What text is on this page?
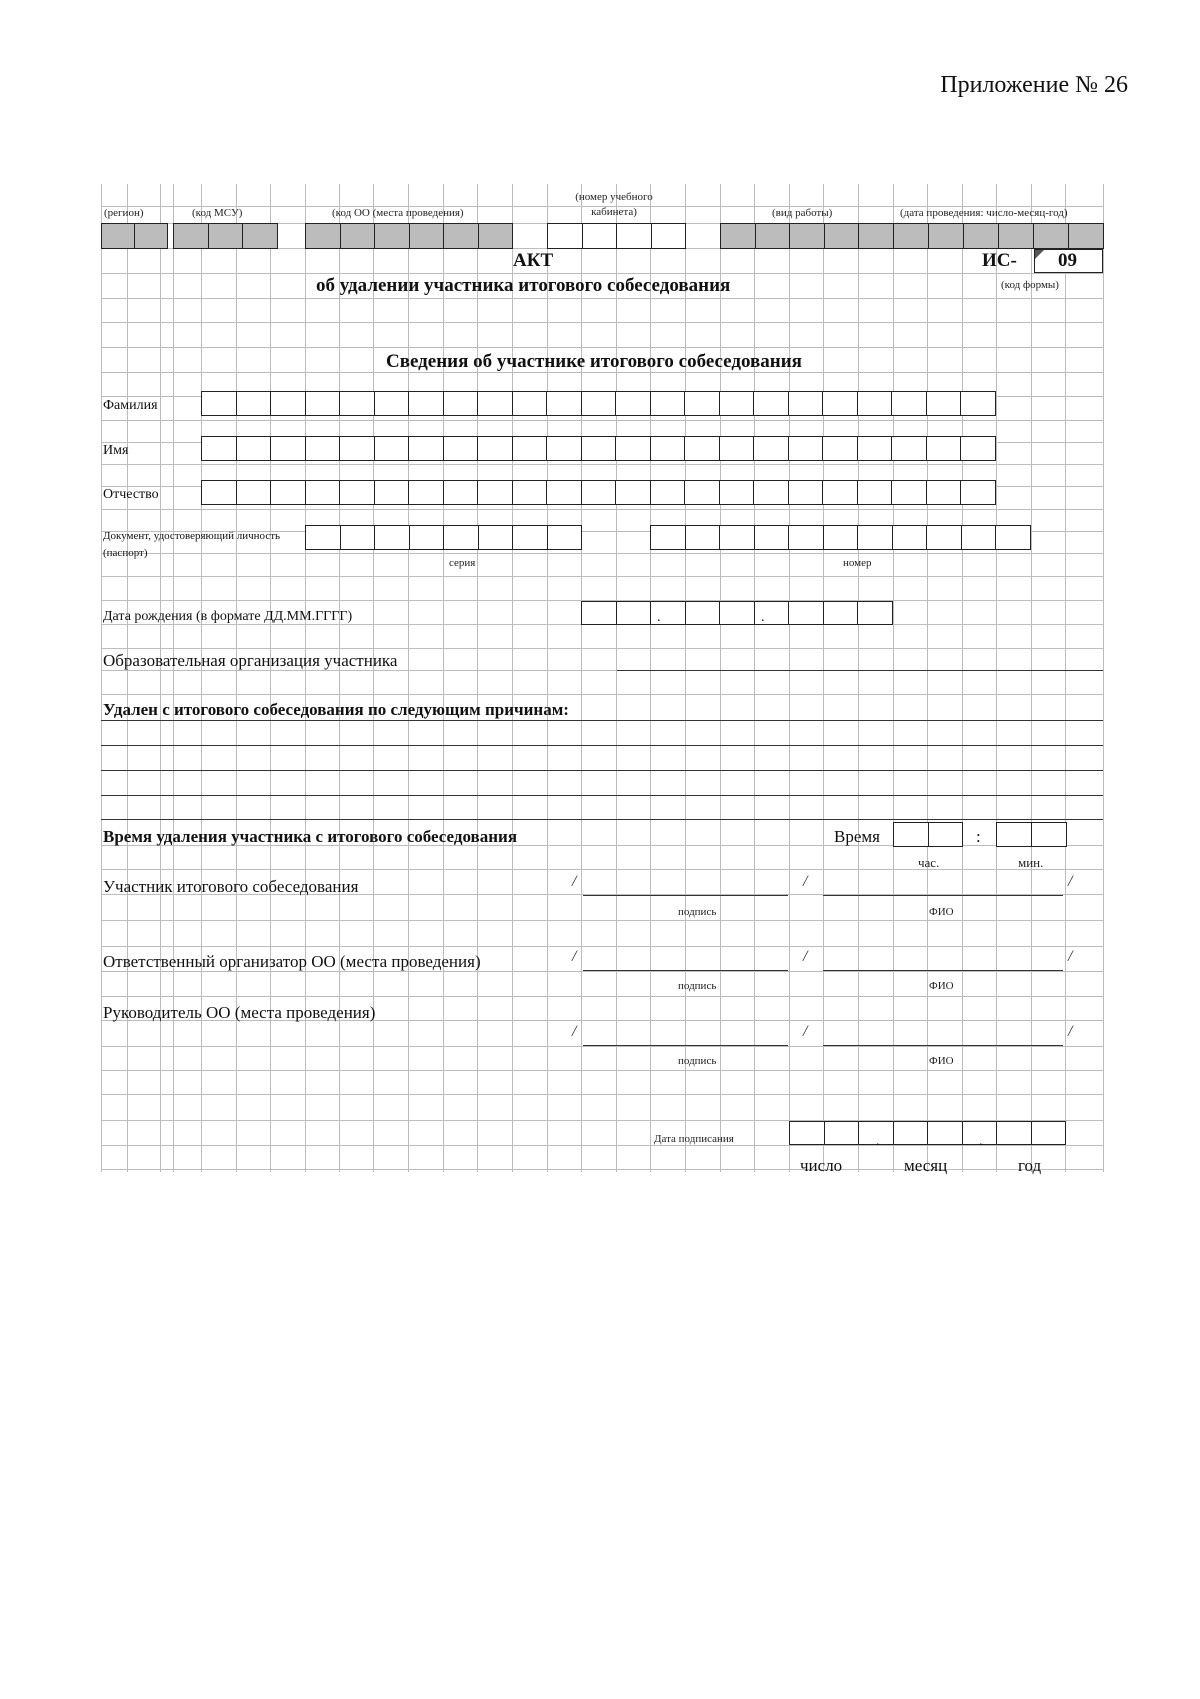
Приложение № 26
(регион)	(код МСУ)	(код ОО (места проведения)
(номер учебного кабинета)	(вид работы)	(дата проведения: число-месяц-год)
АКТ
об удалении участника итогового собеседования
ИС- 09
(код формы)
Сведения об участнике итогового собеседования
Фамилия
Имя
Отчество
Документ, удостоверяющий личность (паспорт)
серия	номер
Дата рождения (в формате ДД.ММ.ГГГГ)	.	.
Образовательная организация участника
Удален с итогового собеседования по следующим причинам:
Время удаления участника с итогового собеседования	Время	:
час.	мин.
Участник итогового собеседования
Ответственный организатор ОО (места проведения)
Руководитель ОО (места проведения)
/	/	/
подпись	ФИО
/	/	/
подпись	ФИО
/	/	/
подпись	ФИО
Дата подписания	.	.
число	месяц	год
